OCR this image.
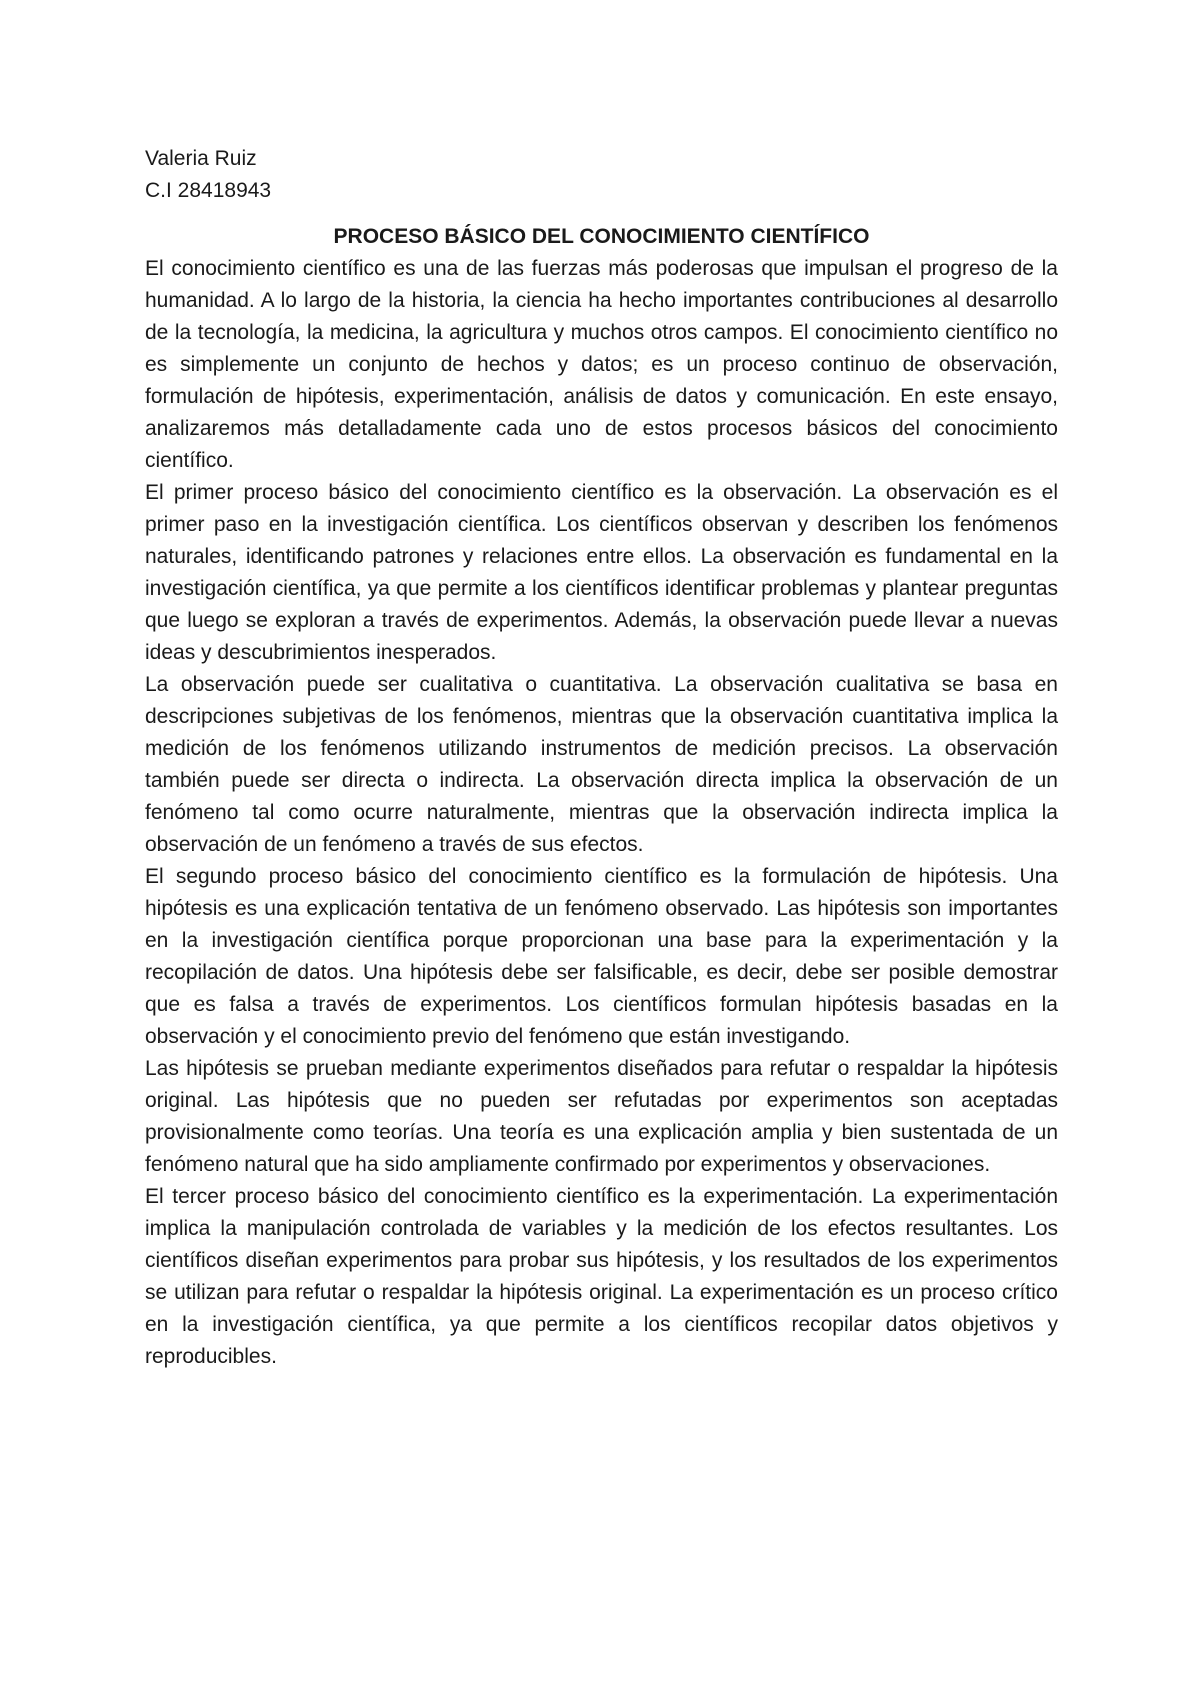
Valeria Ruiz

C.I 28418943

PROCESO BÁSICO DEL CONOCIMIENTO CIENTÍFICO

El conocimiento científico es una de las fuerzas más poderosas que impulsan el progreso de la humanidad. A lo largo de la historia, la ciencia ha hecho importantes contribuciones al desarrollo de la tecnología, la medicina, la agricultura y muchos otros campos. El conocimiento científico no es simplemente un conjunto de hechos y datos; es un proceso continuo de observación, formulación de hipótesis, experimentación, análisis de datos y comunicación. En este ensayo, analizaremos más detalladamente cada uno de estos procesos básicos del conocimiento científico.

El primer proceso básico del conocimiento científico es la observación. La observación es el primer paso en la investigación científica. Los científicos observan y describen los fenómenos naturales, identificando patrones y relaciones entre ellos. La observación es fundamental en la investigación científica, ya que permite a los científicos identificar problemas y plantear preguntas que luego se exploran a través de experimentos. Además, la observación puede llevar a nuevas ideas y descubrimientos inesperados.

La observación puede ser cualitativa o cuantitativa. La observación cualitativa se basa en descripciones subjetivas de los fenómenos, mientras que la observación cuantitativa implica la medición de los fenómenos utilizando instrumentos de medición precisos. La observación también puede ser directa o indirecta. La observación directa implica la observación de un fenómeno tal como ocurre naturalmente, mientras que la observación indirecta implica la observación de un fenómeno a través de sus efectos.

El segundo proceso básico del conocimiento científico es la formulación de hipótesis. Una hipótesis es una explicación tentativa de un fenómeno observado. Las hipótesis son importantes en la investigación científica porque proporcionan una base para la experimentación y la recopilación de datos. Una hipótesis debe ser falsificable, es decir, debe ser posible demostrar que es falsa a través de experimentos. Los científicos formulan hipótesis basadas en la observación y el conocimiento previo del fenómeno que están investigando.

Las hipótesis se prueban mediante experimentos diseñados para refutar o respaldar la hipótesis original. Las hipótesis que no pueden ser refutadas por experimentos son aceptadas provisionalmente como teorías. Una teoría es una explicación amplia y bien sustentada de un fenómeno natural que ha sido ampliamente confirmado por experimentos y observaciones.

El tercer proceso básico del conocimiento científico es la experimentación. La experimentación implica la manipulación controlada de variables y la medición de los efectos resultantes. Los científicos diseñan experimentos para probar sus hipótesis, y los resultados de los experimentos se utilizan para refutar o respaldar la hipótesis original. La experimentación es un proceso crítico en la investigación científica, ya que permite a los científicos recopilar datos objetivos y reproducibles.
